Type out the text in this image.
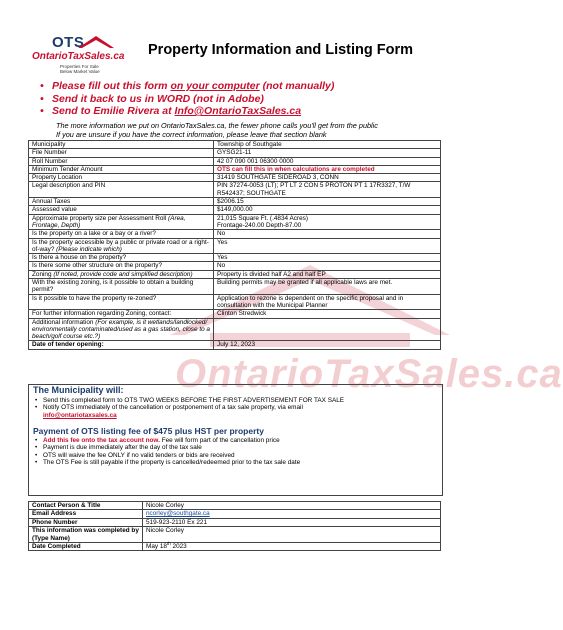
OntarioTaxSales.ca
OTS
OntarioTaxSales.ca
Properties For Sale
Below Market Value
Property Information and Listing Form
• Please fill out this form on your computer (not manually)
• Send it back to us in WORD (not in Adobe)
• Send to Emilie Rivera at Info@OntarioTaxSales.ca
The more information we put on OntarioTaxSales.ca, the fewer phone calls you'll get from the public
If you are unsure if you have the correct information, please leave that section blank
Municipality	Township of Southgate
File Number	GYSG21-11
Roll Number	42 07 090 001 06300 0000
Minimum Tender Amount	OTS can fill this in when calculations are completed
Property Location	31419 SOUTHGATE SIDEROAD 3, CONN
Legal description and PIN	PIN 37274-0053 (LT); PT LT 2 CON 5 PROTON PT 1 17R3327, T/W R542437; SOUTHGATE
Annual Taxes	$2006.15
Assessed value	$149,000.00
Approximate property size per Assessment Roll (Area, Frontage, Depth)	21,015 Square Ft. (.4834 Acres)
Frontage-240.00 Depth-87.00
Is the property on a lake or a bay or a river?	No
Is the property accessible by a public or private road or a right-of-way? (Please indicate which)	Yes
Is there a house on the property?	Yes
Is there some other structure on the property?	No
Zoning (If noted, provide code and simplified description)	Property is divided half A2 and half EP
With the existing zoning, is it possible to obtain a building permit?	Building permits may be granted if all applicable laws are met.
Is it possible to have the property re-zoned?	Application to rezone is dependent on the specific proposal and in consultation with the Municipal Planner
For further information regarding Zoning, contact:	Clinton Stredwick
Additional information (For example, is it wetlands/landlocked/ environmentally contaminated/used as a gas station, close to a beach/golf course etc.?)	
Date of tender opening:	July 12, 2023
The Municipality will:
• Send this completed form to OTS TWO WEEKS BEFORE THE FIRST ADVERTISEMENT FOR TAX SALE
• Notify OTS immediately of the cancellation or postponement of a tax sale property, via email
info@ontariotaxsales.ca
Payment of OTS listing fee of $475 plus HST per property
• Add this fee onto the tax account now. Fee will form part of the cancellation price
• Payment is due immediately after the day of the tax sale
• OTS will waive the fee ONLY if no valid tenders or bids are received
• The OTS Fee is still payable if the property is cancelled/redeemed prior to the tax sale date
Contact Person & Title	Nicole Corley
Email Address	ncorley@southgate.ca
Phone Number	519-923-2110 Ex 221
This information was completed by (Type Name)	Nicole Corley
Date Completed	May 18th 2023
